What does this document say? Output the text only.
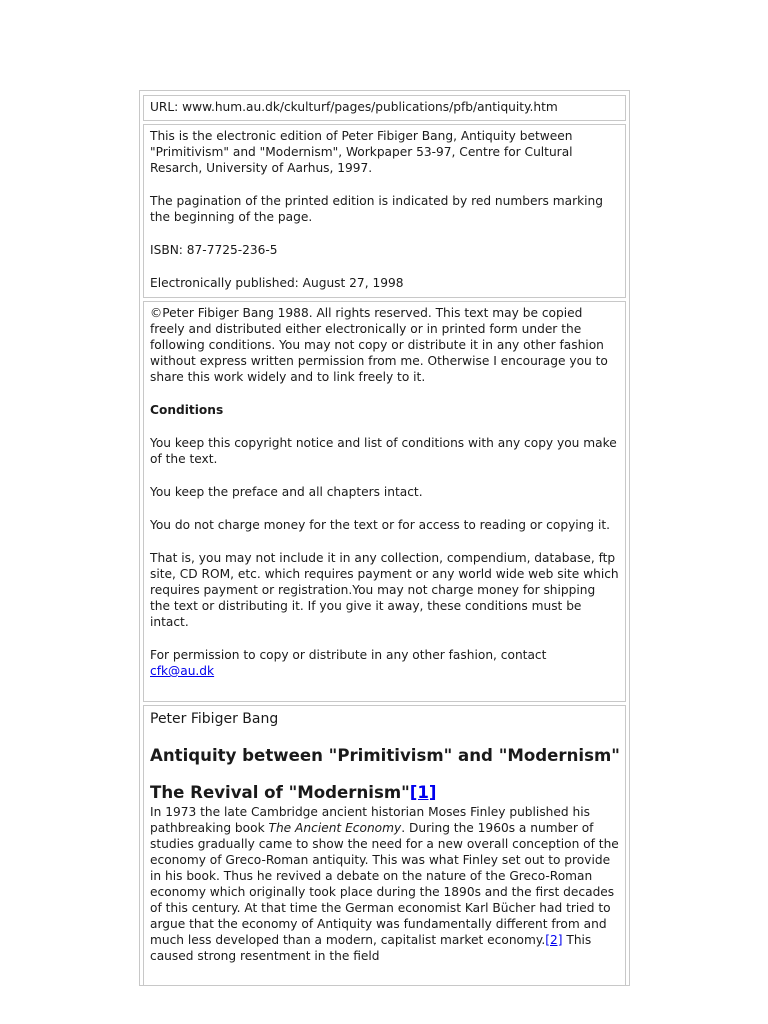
URL: www.hum.au.dk/ckulturf/pages/publications/pfb/antiquity.htm

This is the electronic edition of Peter Fibiger Bang, Antiquity between "Primitivism" and "Modernism", Workpaper 53-97, Centre for Cultural Resarch, University of Aarhus, 1997.

The pagination of the printed edition is indicated by red numbers marking the beginning of the page.

ISBN: 87-7725-236-5

Electronically published: August 27, 1998

©Peter Fibiger Bang 1988. All rights reserved. This text may be copied freely and distributed either electronically or in printed form under the following conditions. You may not copy or distribute it in any other fashion without express written permission from me. Otherwise I encourage you to share this work widely and to link freely to it.

Conditions

You keep this copyright notice and list of conditions with any copy you make of the text.

You keep the preface and all chapters intact.

You do not charge money for the text or for access to reading or copying it.

That is, you may not include it in any collection, compendium, database, ftp site, CD ROM, etc. which requires payment or any world wide web site which requires payment or registration.You may not charge money for shipping the text or distributing it. If you give it away, these conditions must be intact.

For permission to copy or distribute in any other fashion, contact
cfk@au.dk

Peter Fibiger Bang
Antiquity between "Primitivism" and "Modernism"
The Revival of "Modernism"[1]

In 1973 the late Cambridge ancient historian Moses Finley published his pathbreaking book The Ancient Economy. During the 1960s a number of studies gradually came to show the need for a new overall conception of the economy of Greco-Roman antiquity. This was what Finley set out to provide in his book. Thus he revived a debate on the nature of the Greco-Roman economy which originally took place during the 1890s and the first decades of this century. At that time the German economist Karl Bücher had tried to argue that the economy of Antiquity was fundamentally different from and much less developed than a modern, capitalist market economy.[2] This caused strong resentment in the field
